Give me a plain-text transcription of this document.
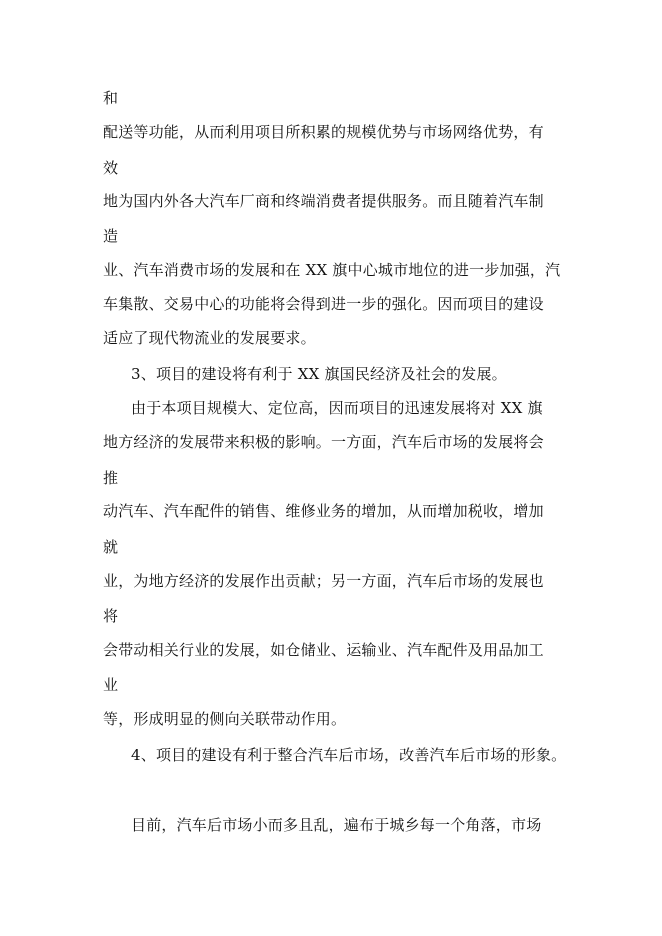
和
配送等功能，从而利用项目所积累的规模优势与市场网络优势，有
效
地为国内外各大汽车厂商和终端消费者提供服务。而且随着汽车制
造
业、汽车消费市场的发展和在 XX 旗中心城市地位的进一步加强，汽
车集散、交易中心的功能将会得到进一步的强化。因而项目的建设
适应了现代物流业的发展要求。
3、项目的建设将有利于 XX 旗国民经济及社会的发展。
由于本项目规模大、定位高，因而项目的迅速发展将对 XX 旗
地方经济的发展带来积极的影响。一方面，汽车后市场的发展将会
推
动汽车、汽车配件的销售、维修业务的增加，从而增加税收，增加
就
业，为地方经济的发展作出贡献；另一方面，汽车后市场的发展也
将
会带动相关行业的发展，如仓储业、运输业、汽车配件及用品加工
业
等，形成明显的侧向关联带动作用。
4、项目的建设有利于整合汽车后市场，改善汽车后市场的形象。
目前，汽车后市场小而多且乱，遍布于城乡每一个角落，市场
